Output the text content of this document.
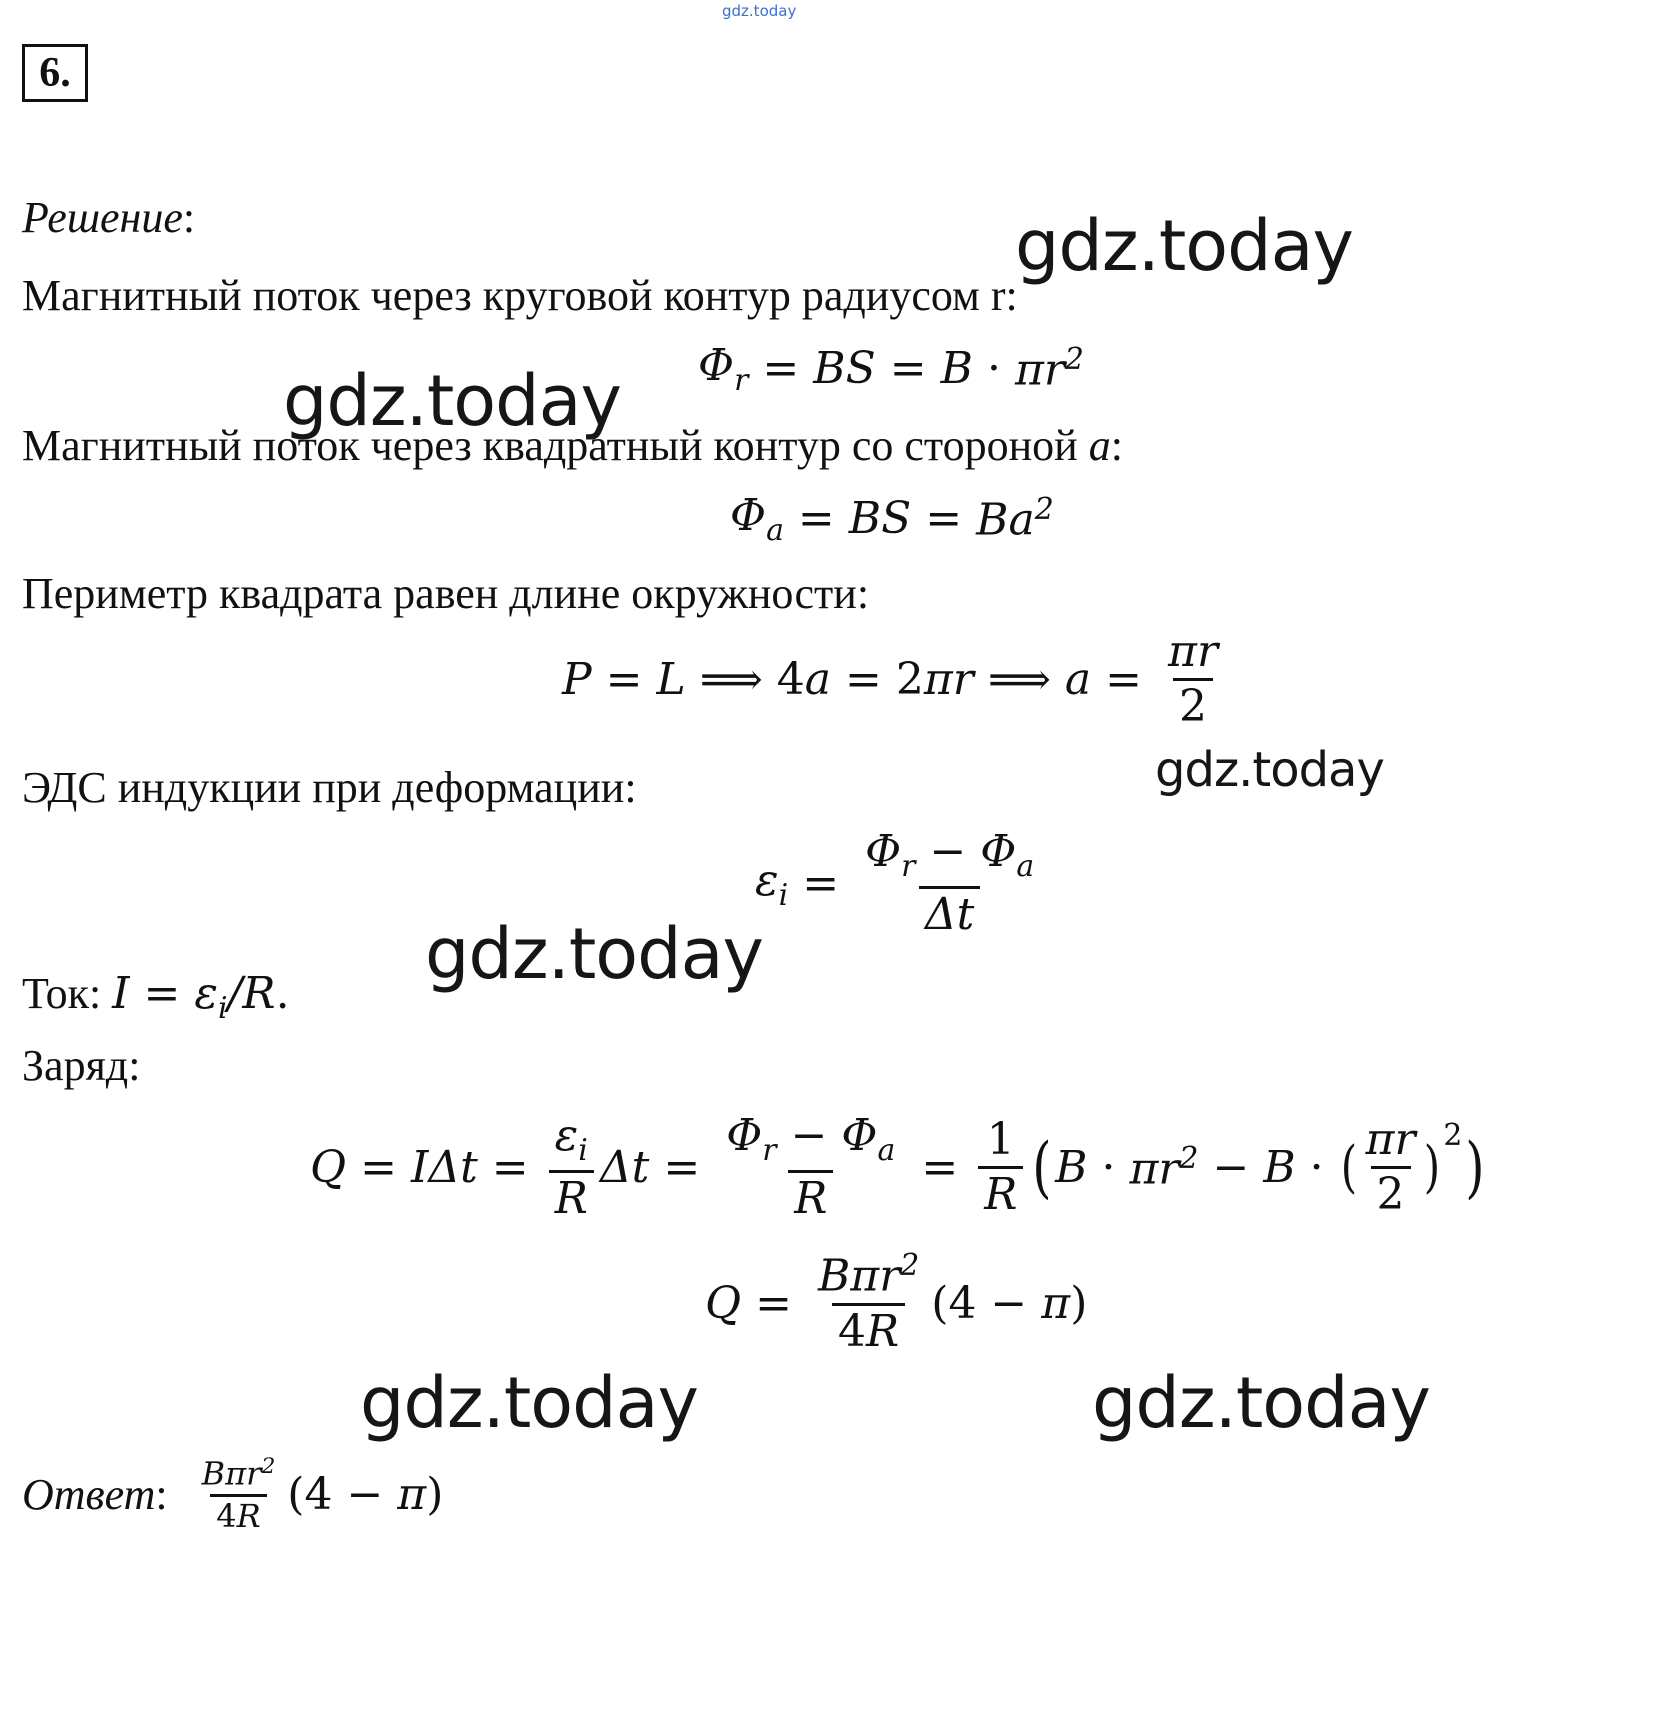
gdz.today
6.
Решение:	gdz.today
gdz.today
gdz.today
gdz.today
gdz.today	gdz.today
Магнитный поток через круговой контур радиусом r:
$\Phi_r$ = BS = $B \cdot \pi r^2$
Магнитный поток через квадратный контур со стороной a:
$\Phi_a$ = BS = $Ba^2$
Периметр квадрата равен длине окружности:
P = L ⟹ 4a = 2πr ⟹ $a = \frac{\pi r}{2}$
ЭДС индукции при деформации:
$\varepsilon_i = \frac{\Phi_r - \Phi_a}{\Delta t}$
Ток: $I = \varepsilon_i/R$.
Заряд:
$Q = I\Delta t = \frac{\varepsilon_i}{R}$ $\Delta t = \frac{\Phi_r - \Phi_a}{R} = \frac{1}{R}$ ( $B \cdot \pi r^2 - B$ · ( $\frac{\pi r}{2} )^2$ )
$Q = \frac{B\pi r^2}{4R} (4 - \pi)$
Ответ : $\frac{B\pi r^2}{4R} (4 - \pi)$
